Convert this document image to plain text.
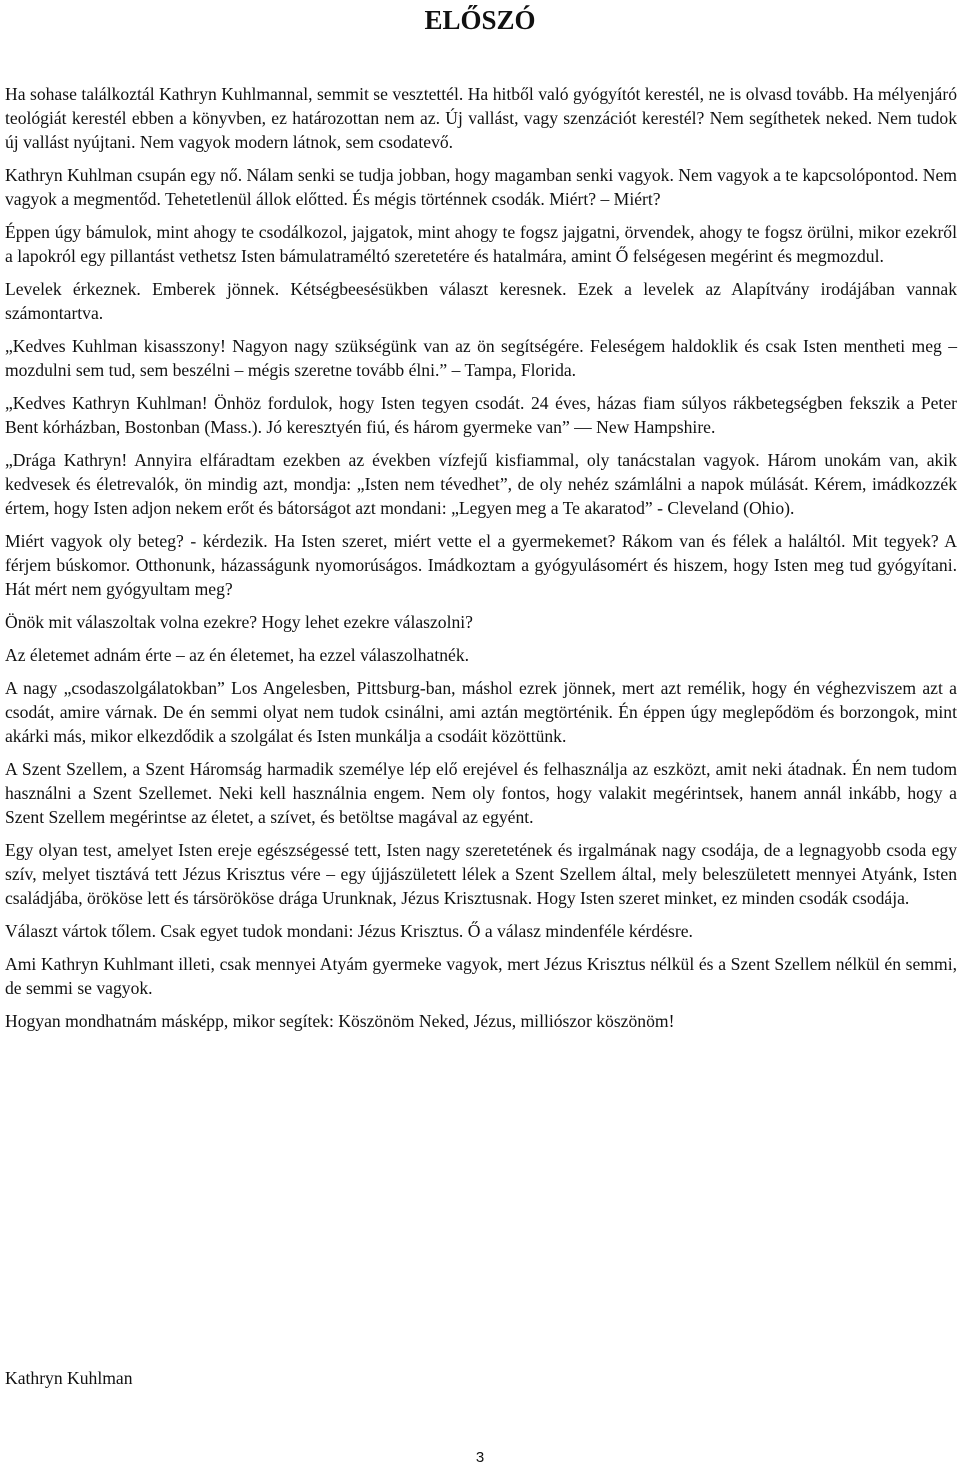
ELŐSZÓ

Ha sohase találkoztál Kathryn Kuhlmannal, semmit se vesztettél. Ha hitből való gyógyítót kerestél, ne is olvasd tovább. Ha mélyenjáró teológiát kerestél ebben a könyvben, ez határozottan nem az. Új vallást, vagy szenzációt kerestél? Nem segíthetek neked. Nem tudok új vallást nyújtani. Nem vagyok modern látnok, sem csodatevő.

Kathryn Kuhlman csupán egy nő. Nálam senki se tudja jobban, hogy magamban senki vagyok. Nem vagyok a te kapcsolópontod. Nem vagyok a megmentőd. Tehetetlenül állok előtted. És mégis történnek csodák. Miért? – Miért?

Éppen úgy bámulok, mint ahogy te csodálkozol, jajgatok, mint ahogy te fogsz jajgatni, örvendek, ahogy te fogsz örülni, mikor ezekről a lapokról egy pillantást vethetsz Isten bámulatraméltó szeretetére és hatalmára, amint Ő felségesen megérint és megmozdul.

Levelek érkeznek. Emberek jönnek. Kétségbeesésükben választ keresnek. Ezek a levelek az Alapítvány irodájában vannak számontartva.

„Kedves Kuhlman kisasszony! Nagyon nagy szükségünk van az ön segítségére. Feleségem haldoklik és csak Isten mentheti meg – mozdulni sem tud, sem beszélni – mégis szeretne tovább élni.” – Tampa, Florida.

„Kedves Kathryn Kuhlman! Önhöz fordulok, hogy Isten tegyen csodát. 24 éves, házas fiam súlyos rákbetegségben fekszik a Peter Bent kórházban, Bostonban (Mass.). Jó keresztyén fiú, és három gyermeke van” — New Hampshire.

„Drága Kathryn! Annyira elfáradtam ezekben az években vízfejű kisfiammal, oly tanácstalan vagyok. Három unokám van, akik kedvesek és életrevalók, ön mindig azt, mondja: „Isten nem tévedhet”, de oly nehéz számlálni a napok múlását. Kérem, imádkozzék értem, hogy Isten adjon nekem erőt és bátorságot azt mondani: „Legyen meg a Te akaratod” - Cleveland (Ohio).

Miért vagyok oly beteg? - kérdezik. Ha Isten szeret, miért vette el a gyermekemet? Rákom van és félek a haláltól. Mit tegyek? A férjem búskomor. Otthonunk, házasságunk nyomorúságos. Imádkoztam a gyógyulásomért és hiszem, hogy Isten meg tud gyógyítani. Hát mért nem gyógyultam meg?

Önök mit válaszoltak volna ezekre? Hogy lehet ezekre válaszolni?

Az életemet adnám érte – az én életemet, ha ezzel válaszolhatnék.

A nagy „csodaszolgálatokban” Los Angelesben, Pittsburg-ban, máshol ezrek jönnek, mert azt remélik, hogy én véghezviszem azt a csodát, amire várnak. De én semmi olyat nem tudok csinálni, ami aztán megtörténik. Én éppen úgy meglepődöm és borzongok, mint akárki más, mikor elkezdődik a szolgálat és Isten munkálja a csodáit közöttünk.

A Szent Szellem, a Szent Háromság harmadik személye lép elő erejével és felhasználja az eszközt, amit neki átadnak. Én nem tudom használni a Szent Szellemet. Neki kell használnia engem. Nem oly fontos, hogy valakit megérintsek, hanem annál inkább, hogy a Szent Szellem megérintse az életet, a szívet, és betöltse magával az egyént.

Egy olyan test, amelyet Isten ereje egészségessé tett, Isten nagy szeretetének és irgalmának nagy csodája, de a legnagyobb csoda egy szív, melyet tisztává tett Jézus Krisztus vére – egy újjászületett lélek a Szent Szellem által, mely beleszületett mennyei Atyánk, Isten családjába, örököse lett és társörököse drága Urunknak, Jézus Krisztusnak. Hogy Isten szeret minket, ez minden csodák csodája.

Választ vártok tőlem. Csak egyet tudok mondani: Jézus Krisztus. Ő a válasz mindenféle kérdésre.

Ami Kathryn Kuhlmant illeti, csak mennyei Atyám gyermeke vagyok, mert Jézus Krisztus nélkül és a Szent Szellem nélkül én semmi, de semmi se vagyok.

Hogyan mondhatnám másképp, mikor segítek: Köszönöm Neked, Jézus, milliószor köszönöm!

Kathryn Kuhlman

3
